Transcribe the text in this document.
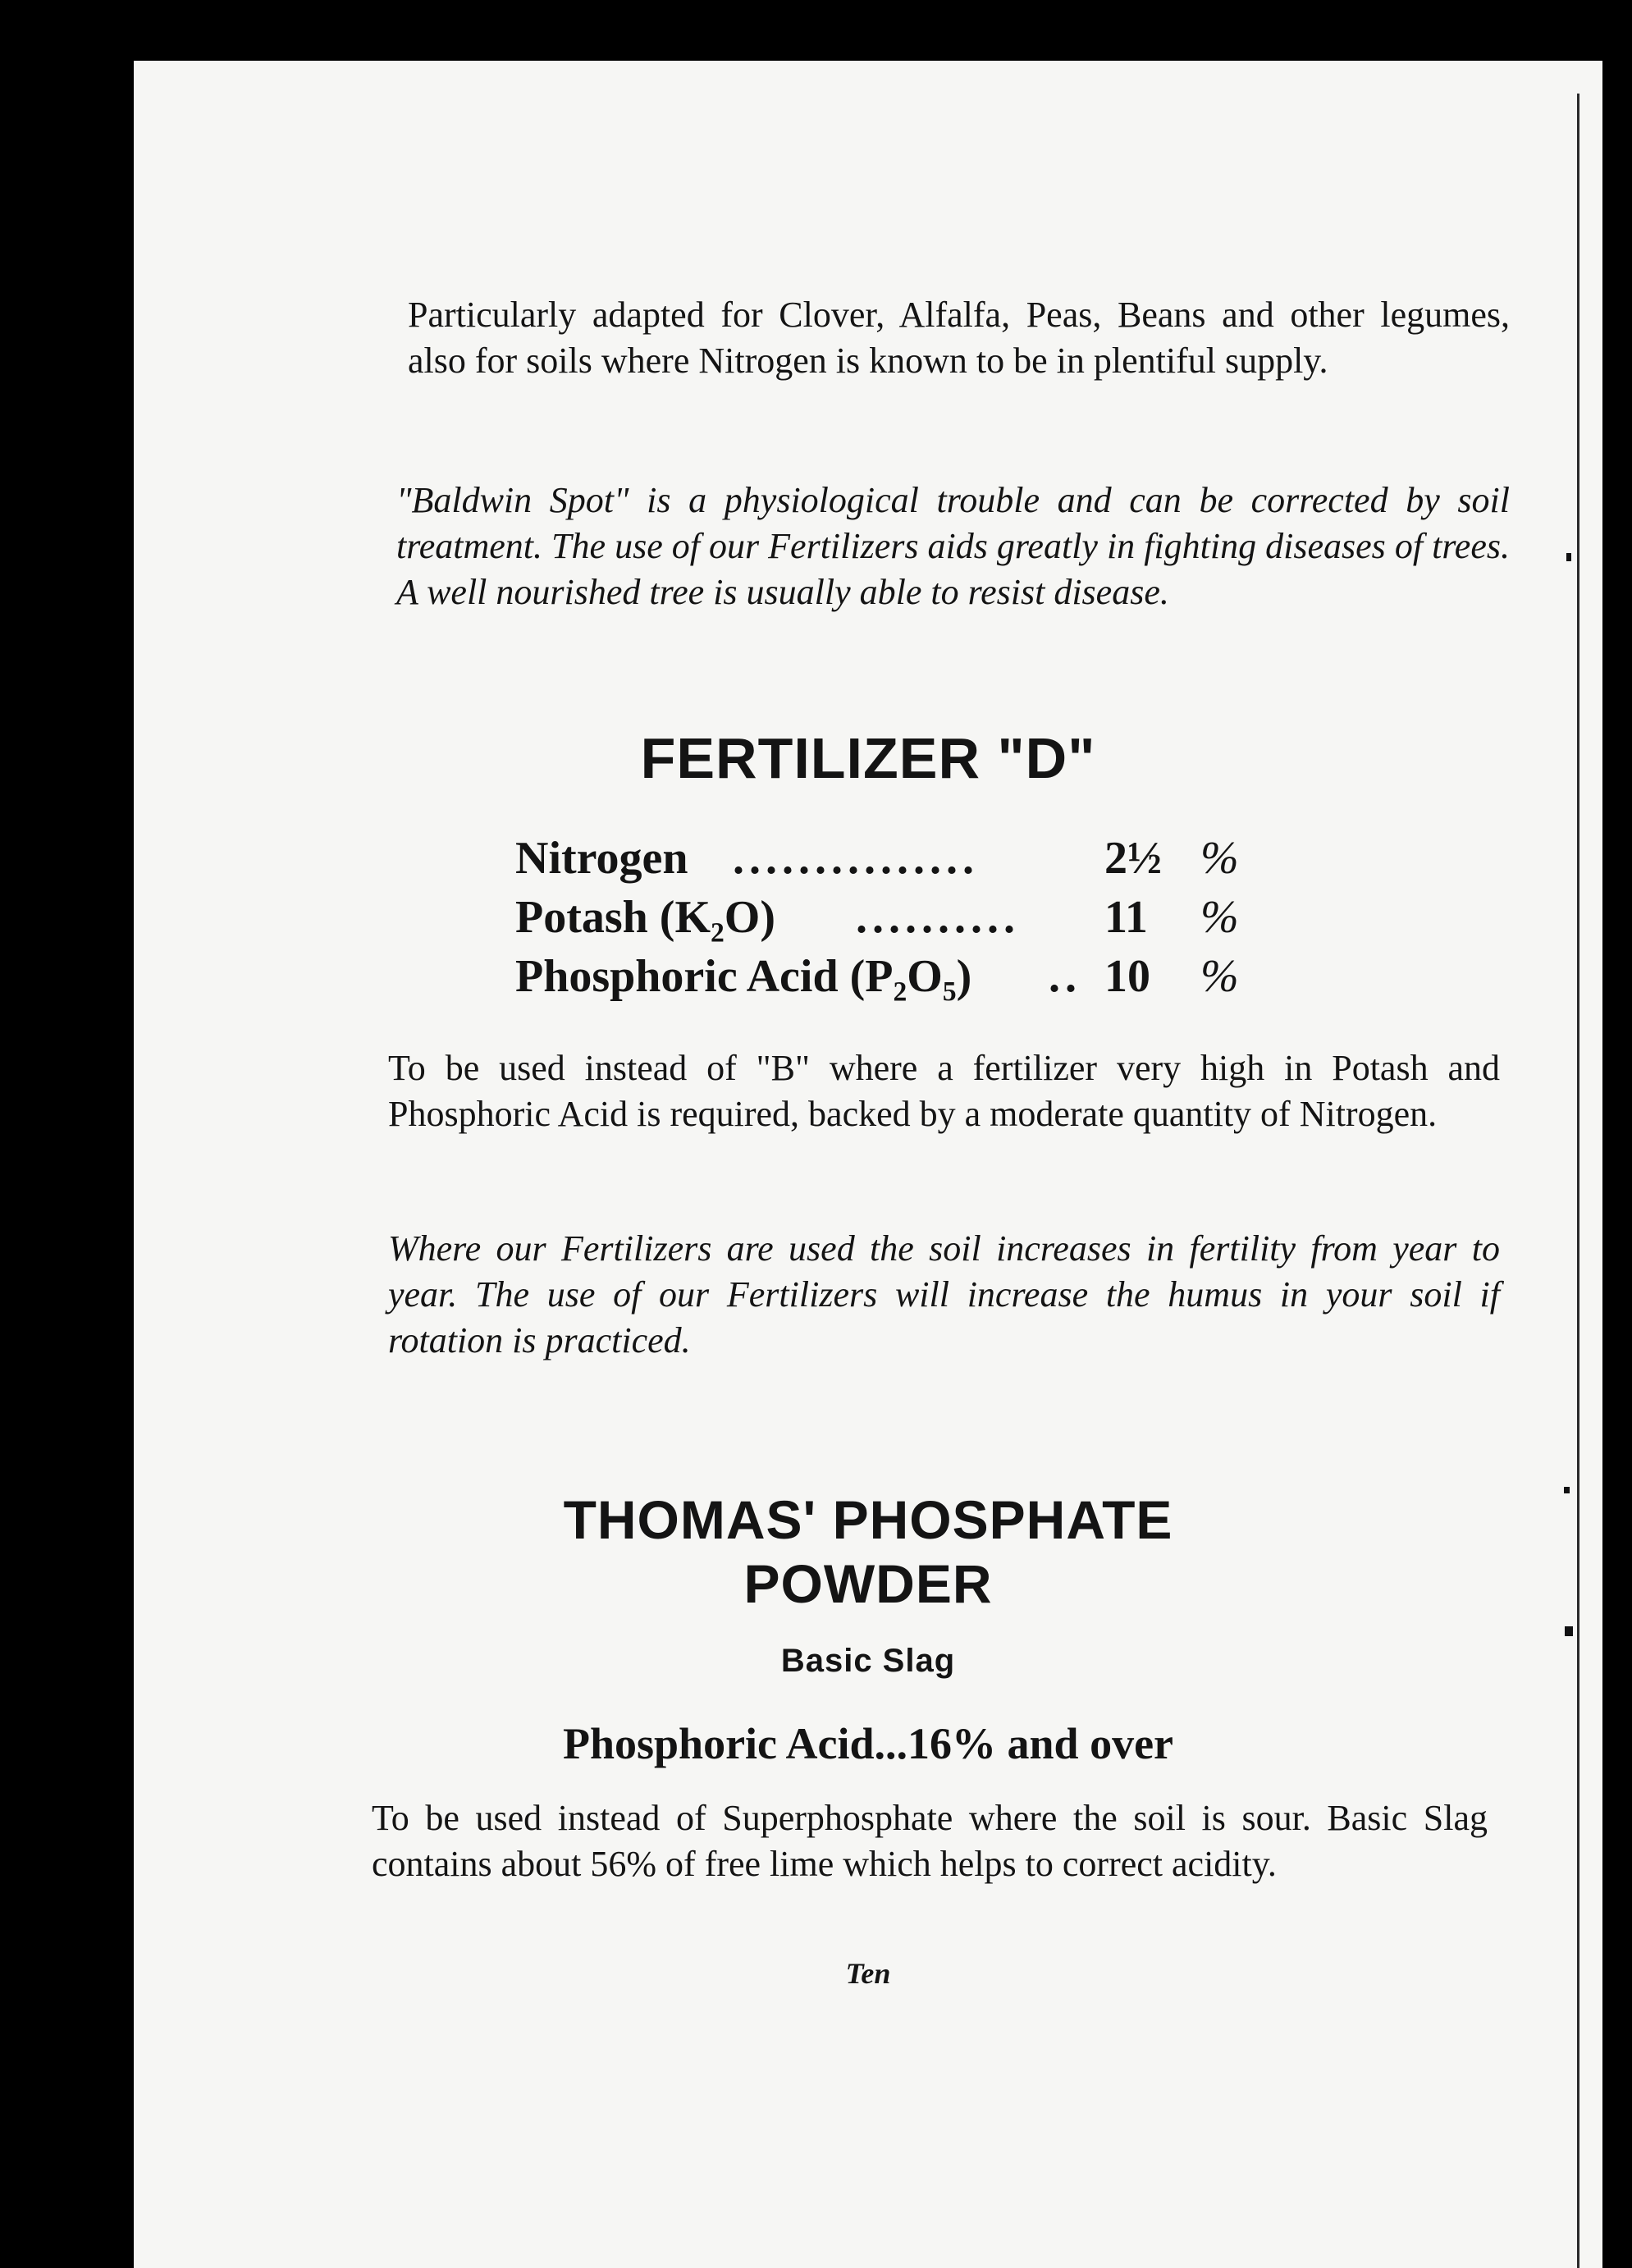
Particularly adapted for Clover, Alfalfa, Peas, Beans and other legumes, also for soils where Nitrogen is known to be in plentiful supply.

"Baldwin Spot" is a physiological trouble and can be corrected by soil treatment. The use of our Fertilizers aids greatly in fighting diseases of trees. A well nourished tree is usually able to resist disease.

FERTILIZER "D"
Nitrogen ...............	2½ %
Potash (K₂O) .......... 11 %
Phosphoric Acid (P₂O₅) .. 10 %

To be used instead of "B" where a fertilizer very high in Potash and Phosphoric Acid is required, backed by a moderate quantity of Nitrogen.

Where our Fertilizers are used the soil increases in fertility from year to year. The use of our Fertilizers will increase the humus in your soil if rotation is practiced.

THOMAS' PHOSPHATE
POWDER
Basic Slag
Phosphoric Acid...16% and over

To be used instead of Superphosphate where the soil is sour. Basic Slag contains about 56% of free lime which helps to correct acidity.

Ten
